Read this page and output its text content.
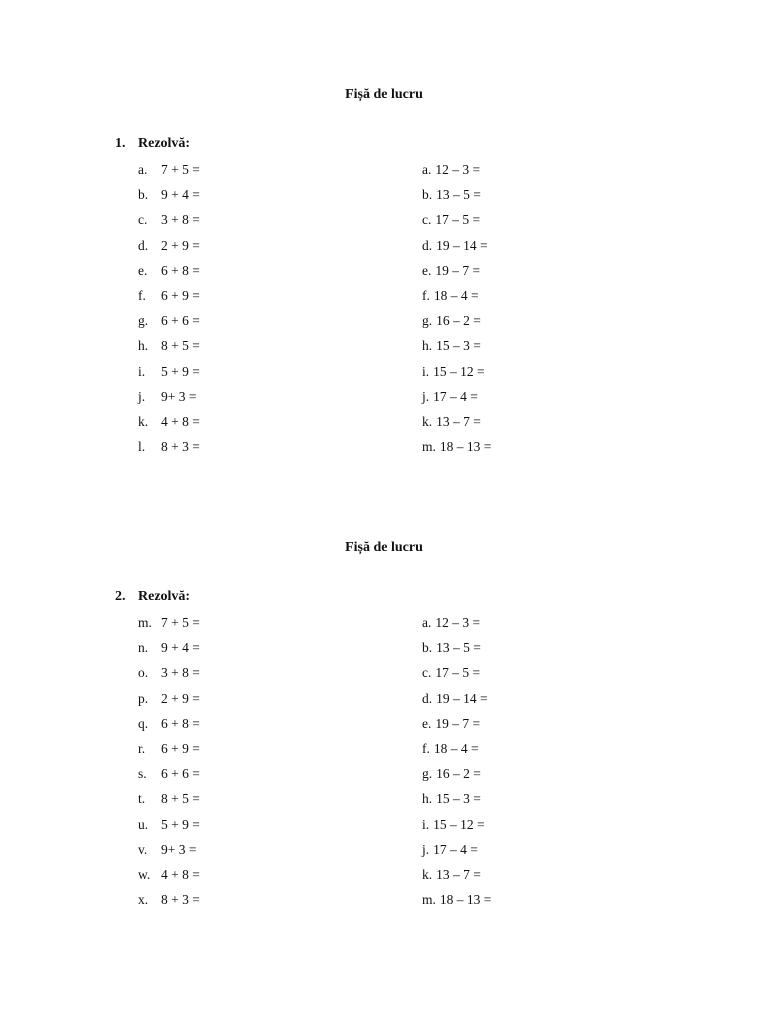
Fișă de lucru
1. Rezolvă:
a. 7 + 5 =
b. 9 + 4 =
c. 3 + 8 =
d. 2 + 9 =
e. 6 + 8 =
f. 6 + 9 =
g. 6 + 6 =
h. 8 + 5 =
i. 5 + 9 =
j. 9+ 3 =
k. 4 + 8 =
l. 8 + 3 =
a. 12 – 3 =
b. 13 – 5 =
c. 17 – 5 =
d. 19 – 14 =
e. 19 – 7 =
f. 18 – 4 =
g. 16 – 2 =
h. 15 – 3 =
i. 15 – 12 =
j. 17 – 4 =
k. 13 – 7 =
m. 18 – 13 =
Fișă de lucru
2. Rezolvă:
m. 7 + 5 =
n. 9 + 4 =
o. 3 + 8 =
p. 2 + 9 =
q. 6 + 8 =
r. 6 + 9 =
s. 6 + 6 =
t. 8 + 5 =
u. 5 + 9 =
v. 9+ 3 =
w. 4 + 8 =
x. 8 + 3 =
a. 12 – 3 =
b. 13 – 5 =
c. 17 – 5 =
d. 19 – 14 =
e. 19 – 7 =
f. 18 – 4 =
g. 16 – 2 =
h. 15 – 3 =
i. 15 – 12 =
j. 17 – 4 =
k. 13 – 7 =
m. 18 – 13 =
